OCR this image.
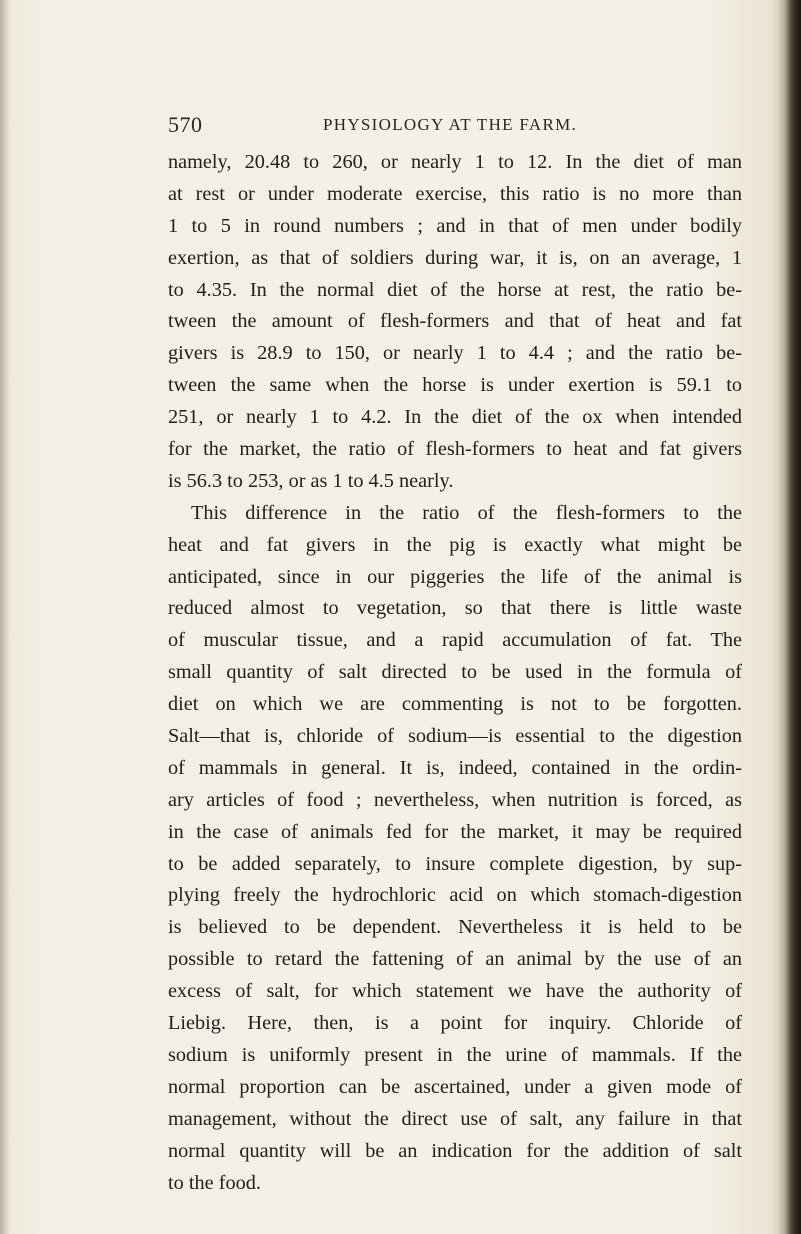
570	PHYSIOLOGY AT THE FARM.
namely, 20.48 to 260, or nearly 1 to 12. In the diet of man
at rest or under moderate exercise, this ratio is no more than
1 to 5 in round numbers ; and in that of men under bodily
exertion, as that of soldiers during war, it is, on an average, 1
to 4.35. In the normal diet of the horse at rest, the ratio be-
tween the amount of flesh-formers and that of heat and fat
givers is 28.9 to 150, or nearly 1 to 4.4 ; and the ratio be-
tween the same when the horse is under exertion is 59.1 to
251, or nearly 1 to 4.2. In the diet of the ox when intended
for the market, the ratio of flesh-formers to heat and fat givers
is 56.3 to 253, or as 1 to 4.5 nearly.
This difference in the ratio of the flesh-formers to the
heat and fat givers in the pig is exactly what might be
anticipated, since in our piggeries the life of the animal is
reduced almost to vegetation, so that there is little waste
of muscular tissue, and a rapid accumulation of fat. The
small quantity of salt directed to be used in the formula of
diet on which we are commenting is not to be forgotten.
Salt—that is, chloride of sodium—is essential to the digestion
of mammals in general. It is, indeed, contained in the ordin-
ary articles of food ; nevertheless, when nutrition is forced, as
in the case of animals fed for the market, it may be required
to be added separately, to insure complete digestion, by sup-
plying freely the hydrochloric acid on which stomach-digestion
is believed to be dependent. Nevertheless it is held to be
possible to retard the fattening of an animal by the use of an
excess of salt, for which statement we have the authority of
Liebig. Here, then, is a point for inquiry. Chloride of
sodium is uniformly present in the urine of mammals. If the
normal proportion can be ascertained, under a given mode of
management, without the direct use of salt, any failure in that
normal quantity will be an indication for the addition of salt
to the food.
